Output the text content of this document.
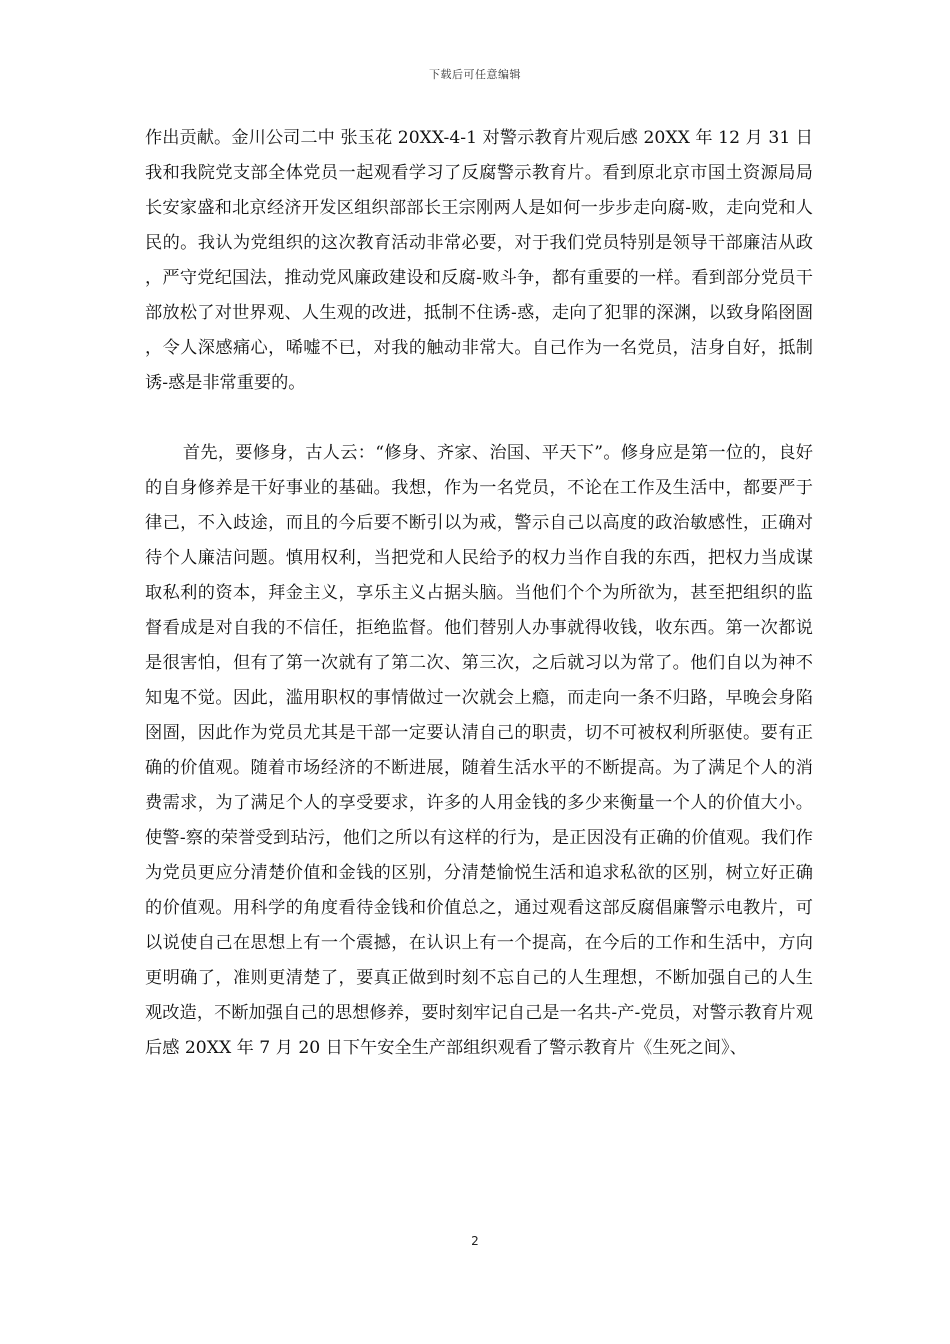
下载后可任意编辑

作出贡献。金川公司二中 张玉花 20XX-4-1 对警示教育片观后感 20XX 年 12 月 31 日我和我院党支部全体党员一起观看学习了反腐警示教育片。看到原北京市国土资源局局长安家盛和北京经济开发区组织部部长王宗刚两人是如何一步步走向腐-败，走向党和人民的。我认为党组织的这次教育活动非常必要，对于我们党员特别是领导干部廉洁从政，严守党纪国法，推动党风廉政建设和反腐-败斗争，都有重要的一样。看到部分党员干部放松了对世界观、人生观的改进，抵制不住诱-惑，走向了犯罪的深渊，以致身陷囹圄，令人深感痛心，唏嘘不已，对我的触动非常大。自己作为一名党员，洁身自好，抵制诱-惑是非常重要的。

首先，要修身，古人云：“修身、齐家、治国、平天下”。修身应是第一位的，良好的自身修养是干好事业的基础。我想，作为一名党员，不论在工作及生活中，都要严于律己，不入歧途，而且的今后要不断引以为戒，警示自己以高度的政治敏感性，正确对待个人廉洁问题。慎用权利，当把党和人民给予的权力当作自我的东西，把权力当成谋取私利的资本，拜金主义，享乐主义占据头脑。当他们个个为所欲为，甚至把组织的监督看成是对自我的不信任，拒绝监督。他们替别人办事就得收钱，收东西。第一次都说是很害怕，但有了第一次就有了第二次、第三次，之后就习以为常了。他们自以为神不知鬼不觉。因此，滥用职权的事情做过一次就会上瘾，而走向一条不归路，早晚会身陷囹圄，因此作为党员尤其是干部一定要认清自己的职责，切不可被权利所驱使。要有正确的价值观。随着市场经济的不断进展，随着生活水平的不断提高。为了满足个人的消费需求，为了满足个人的享受要求，许多的人用金钱的多少来衡量一个人的价值大小。使警-察的荣誉受到玷污，他们之所以有这样的行为，是正因没有正确的价值观。我们作为党员更应分清楚价值和金钱的区别，分清楚愉悦生活和追求私欲的区别，树立好正确的价值观。用科学的角度看待金钱和价值总之，通过观看这部反腐倡廉警示电教片，可以说使自己在思想上有一个震撼，在认识上有一个提高，在今后的工作和生活中，方向更明确了，准则更清楚了，要真正做到时刻不忘自己的人生理想，不断加强自己的人生观改造，不断加强自己的思想修养，要时刻牢记自己是一名共-产-党员，对警示教育片观后感 20XX 年 7 月 20 日下午安全生产部组织观看了警示教育片《生死之间》、

2
